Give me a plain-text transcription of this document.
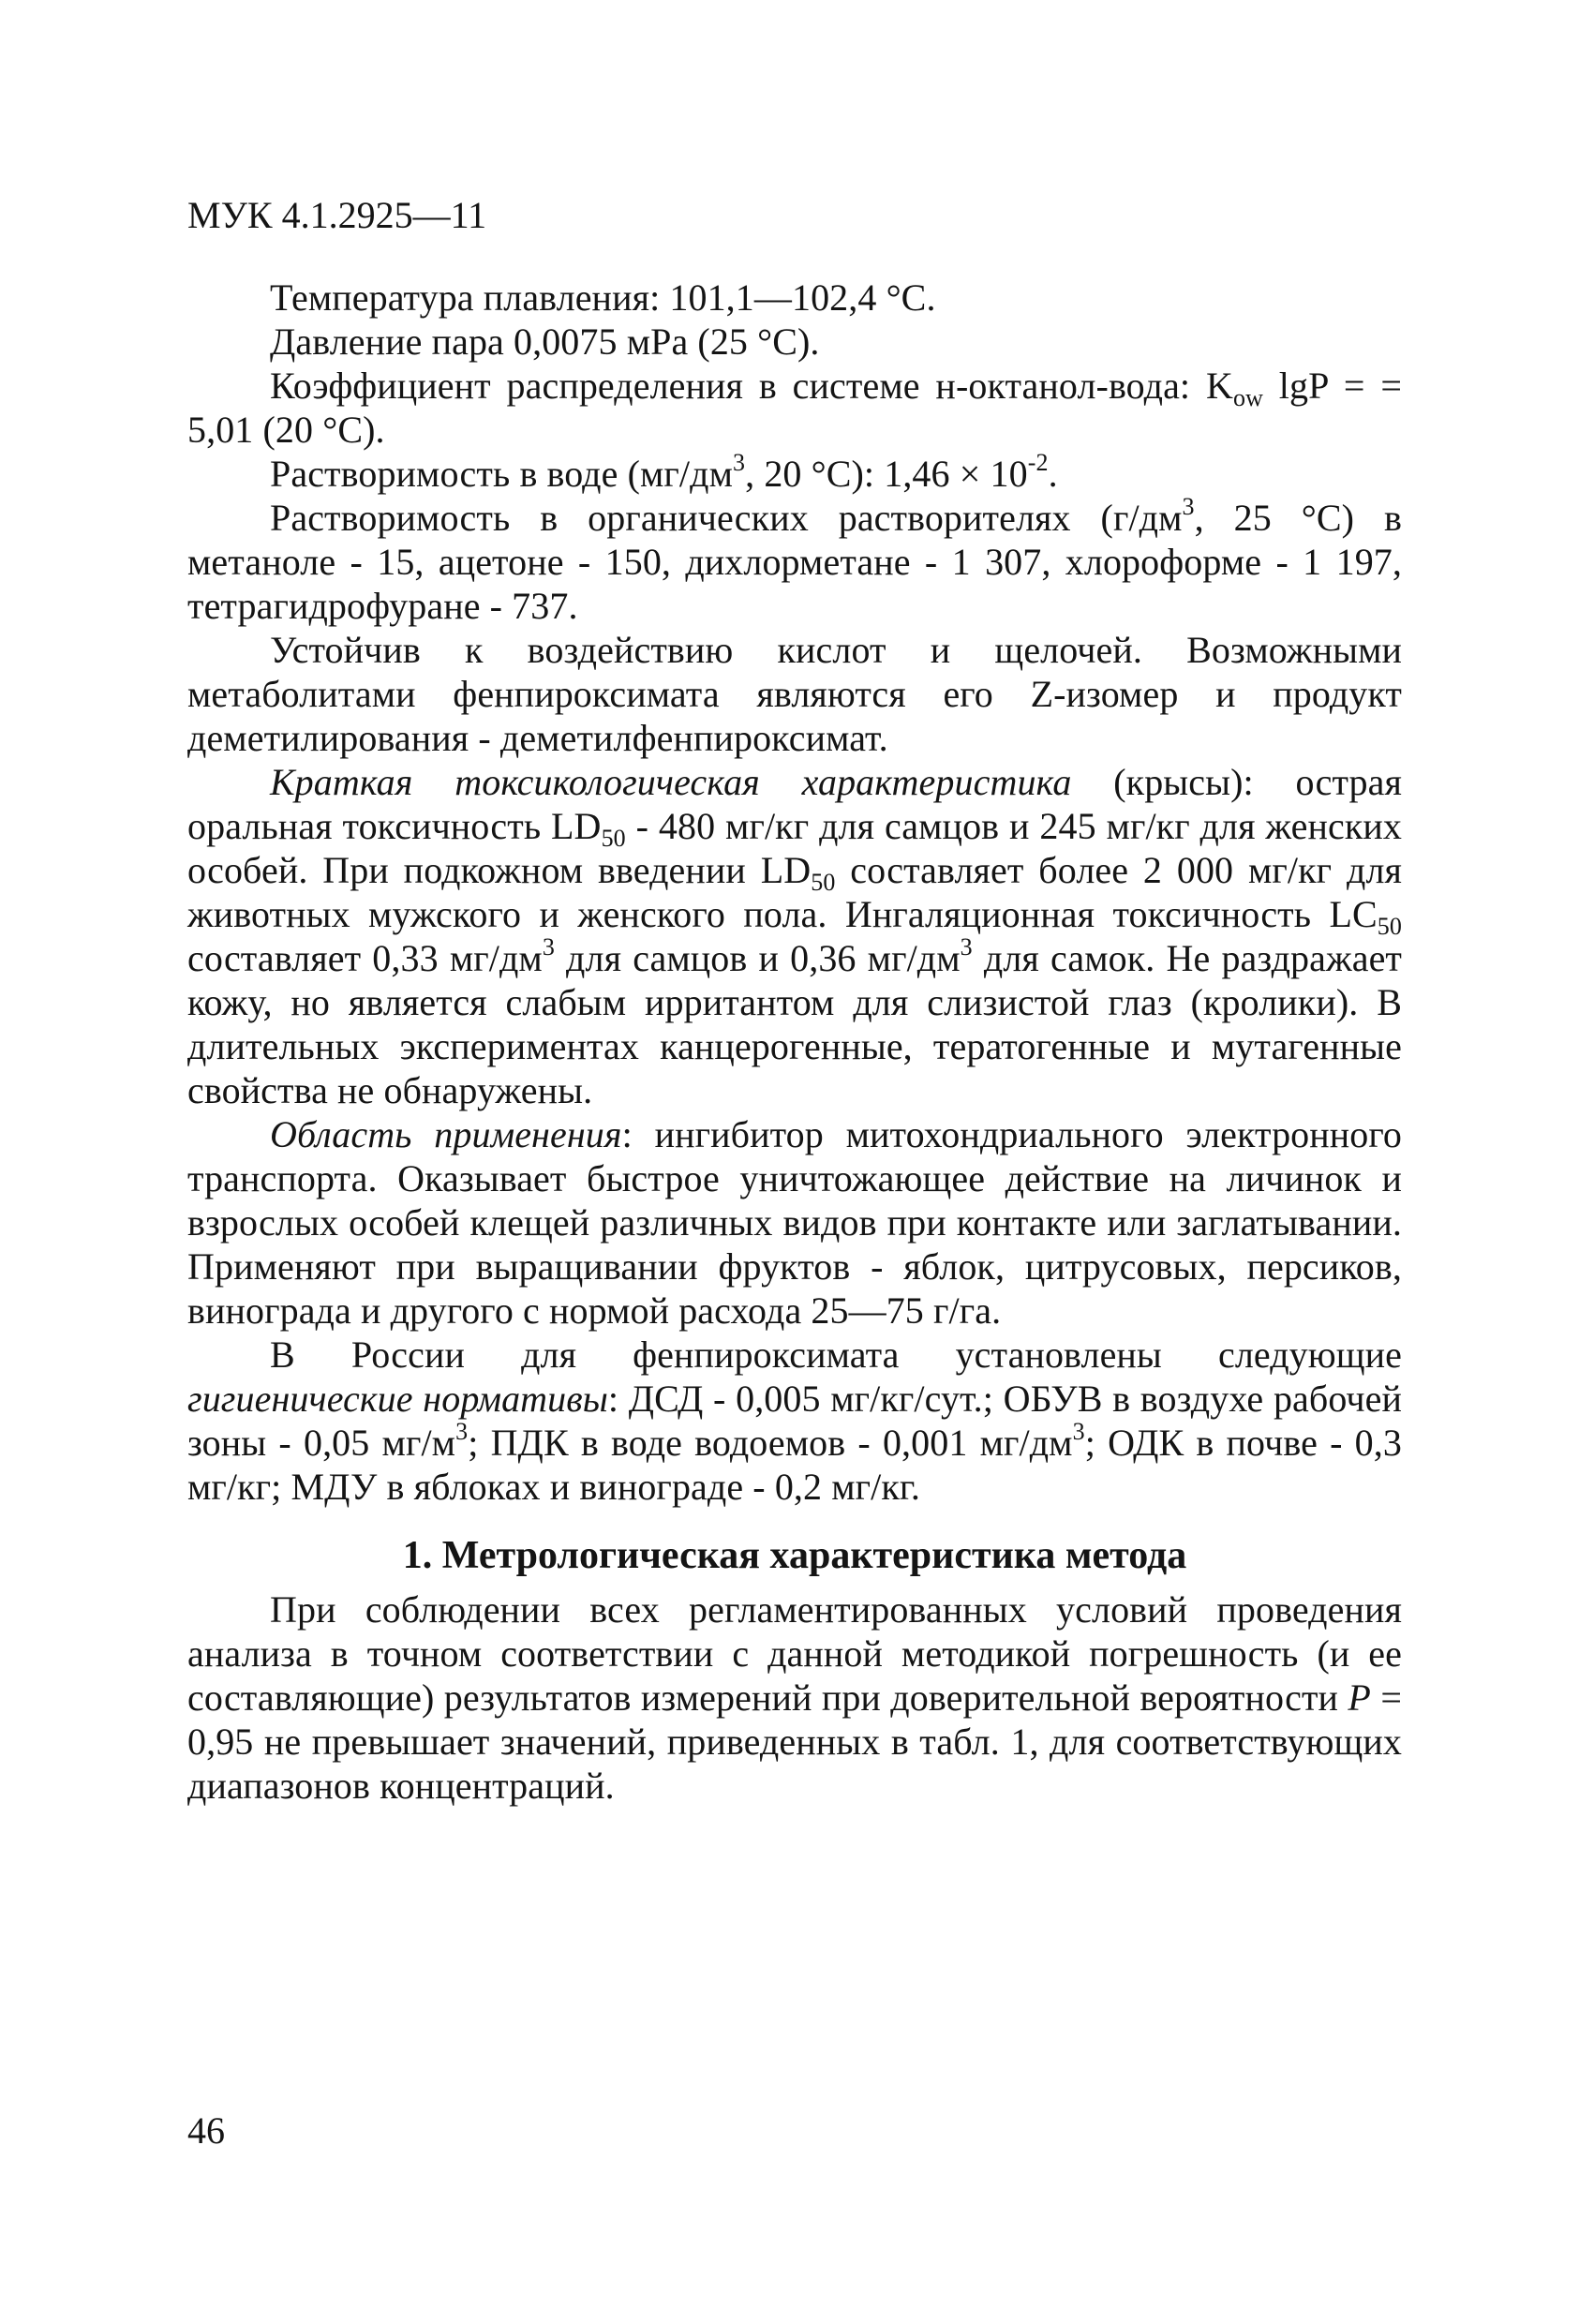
МУК 4.1.2925—11

Температура плавления: 101,1—102,4 °С.

Давление пара 0,0075 мРа (25 °С).

Коэффициент распределения в системе н-октанол-вода: $K_{ow}$ lgP = = 5,01 (20 °С).

Растворимость в воде ($мг/дм^3$, 20 °С): $1,46 \times 10^{-2}$.

Растворимость в органических растворителях ($г/дм^3$, 25 °С) в метаноле - 15, ацетоне - 150, дихлорметане - 1 307, хлороформе - 1 197, тетрагидрофуране - 737.

Устойчив к воздействию кислот и щелочей. Возможными метаболитами фенпироксимата являются его Z-изомер и продукт деметилирования - деметилфенпироксимат.

Краткая токсикологическая характеристика (крысы): острая оральная токсичность $LD_{50} - 480$ мг/кг для самцов и 245 мг/кг для женских особей. При подкожном введении $LD_{50}$ составляет более 2 000 мг/кг для животных мужского и женского пола. Ингаляционная токсичность $LC_{50}$ составляет 0,33 $мг/дм^3$ для самцов и 0,36 $мг/дм^3$ для самок. Не раздражает кожу, но является слабым ирритантом для слизистой глаз (кролики). В длительных экспериментах канцерогенные, тератогенные и мутагенные свойства не обнаружены.

Область применения: ингибитор митохондриального электронного транспорта. Оказывает быстрое уничтожающее действие на личинок и взрослых особей клещей различных видов при контакте или заглатывании. Применяют при выращивании фруктов - яблок, цитрусовых, персиков, винограда и другого с нормой расхода 25—75 г/га.

В России для фенпироксимата установлены следующие гигиенические нормативы: ДСД - 0,005 мг/кг/сут.; ОБУВ в воздухе рабочей зоны - 0,05 $мг/м^3$; ПДК в воде водоемов - 0,001 $мг/дм^3$; ОДК в почве - 0,3 мг/кг; МДУ в яблоках и винограде - 0,2 мг/кг.

1. Метрологическая характеристика метода

При соблюдении всех регламентированных условий проведения анализа в точном соответствии с данной методикой погрешность (и ее составляющие) результатов измерений при доверительной вероятности P = 0,95 не превышает значений, приведенных в табл. 1, для соответствующих диапазонов концентраций.

46
